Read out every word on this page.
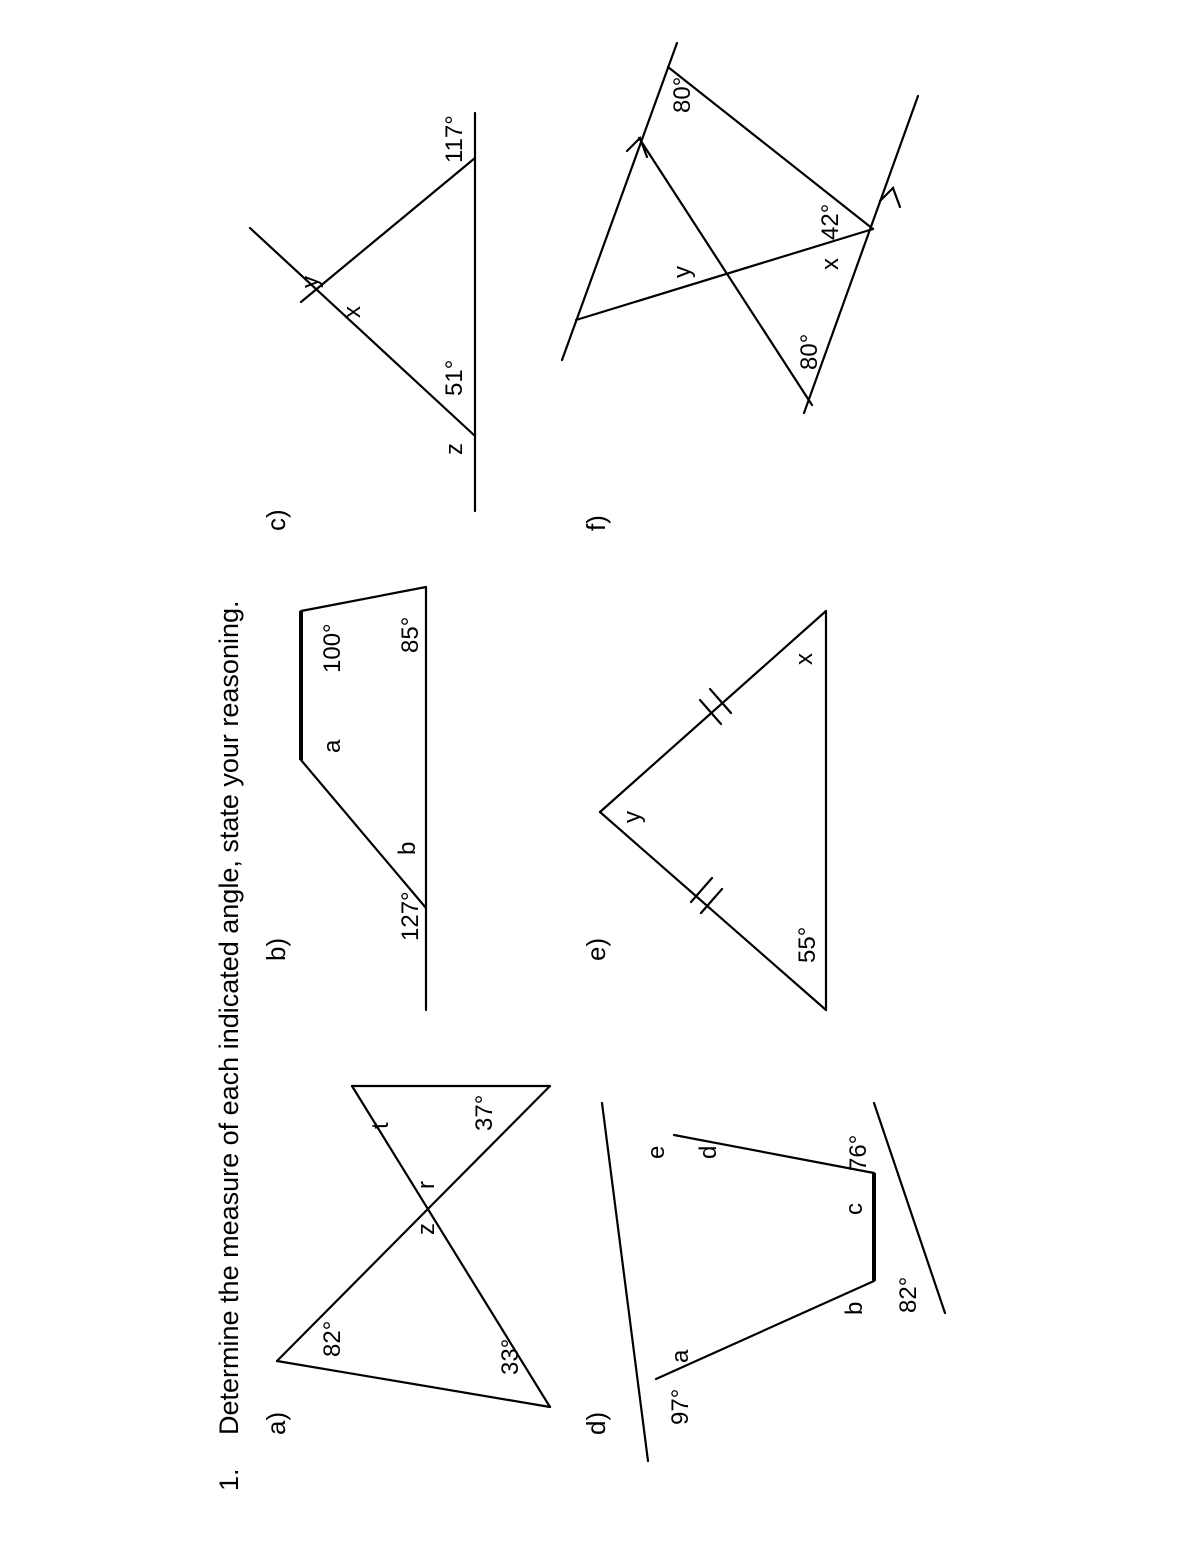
1.
Determine the measure of each indicated angle, state your reasoning. a)
b)
c)
d)
e)
f)
82°	33°
z
r
t	37°
127°
b
a
100° 85°
z
51°
x
y
117°
97°
a
b 82°
c
76°
d
e
55°
y
x
80°
y
x
42°
80°
